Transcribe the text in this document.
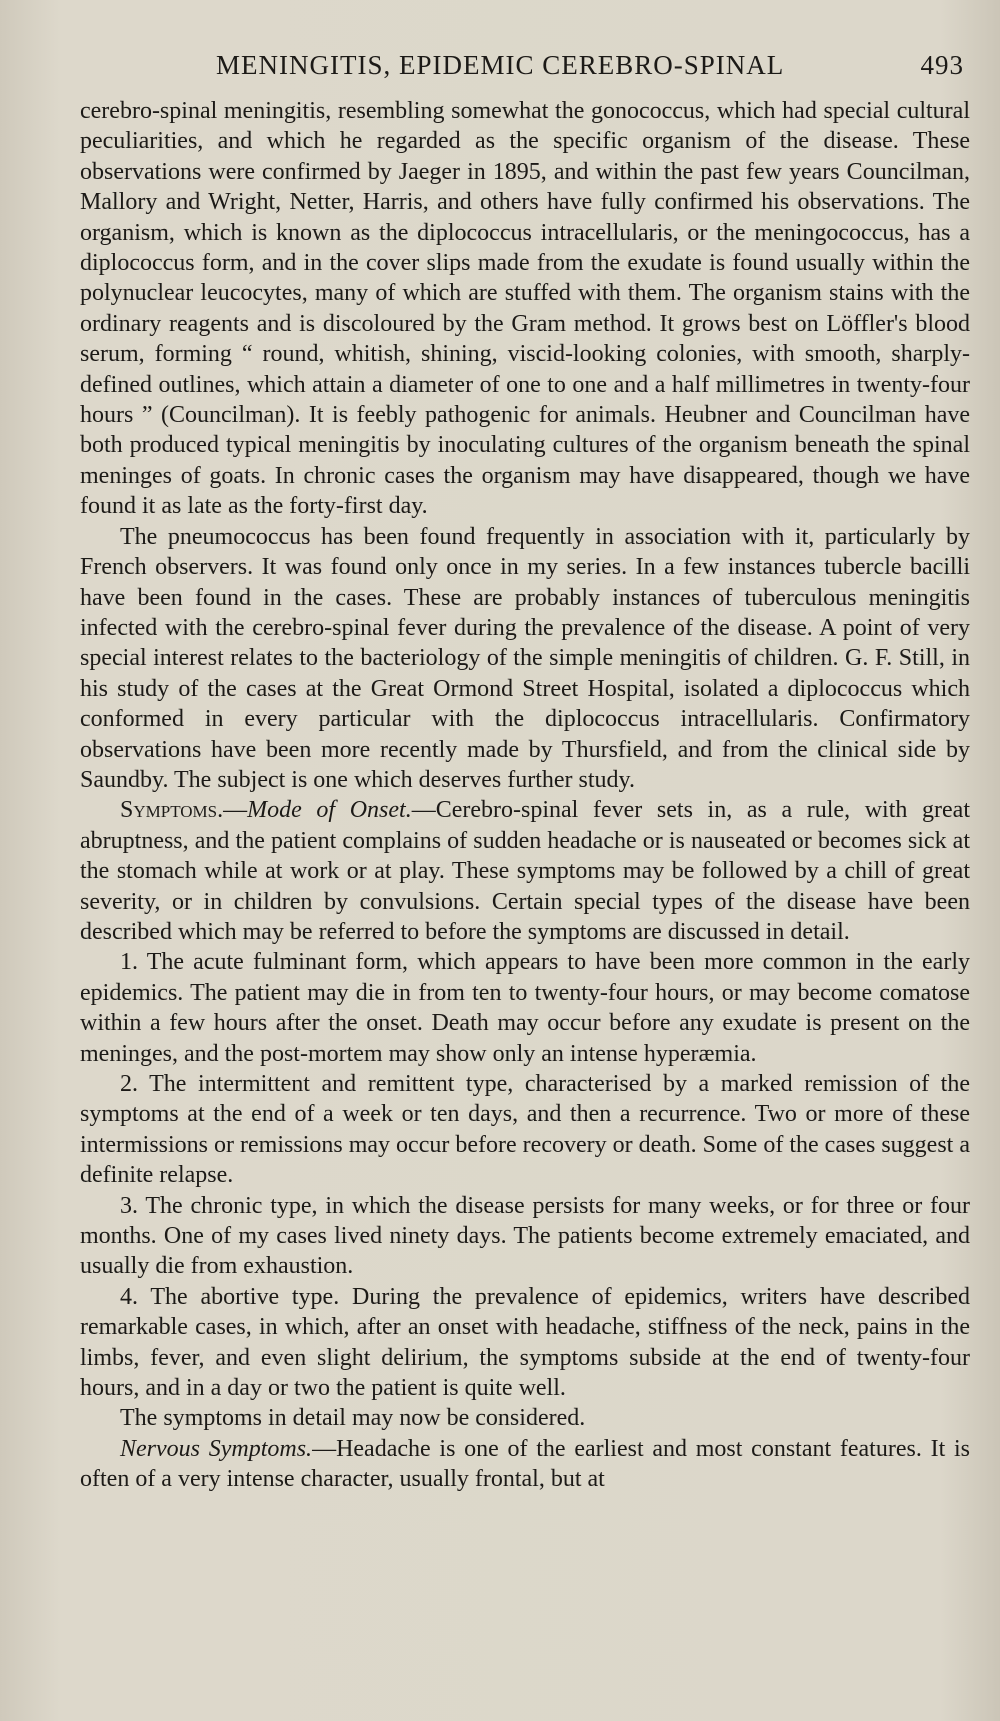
MENINGITIS, EPIDEMIC CEREBRO-SPINAL	493

cerebro-spinal meningitis, resembling somewhat the gonococcus, which had special cultural peculiarities, and which he regarded as the specific organism of the disease. These observations were confirmed by Jaeger in 1895, and within the past few years Councilman, Mallory and Wright, Netter, Harris, and others have fully confirmed his observations. The organism, which is known as the diplococcus intracellularis, or the meningococcus, has a diplococcus form, and in the cover slips made from the exudate is found usually within the polynuclear leucocytes, many of which are stuffed with them. The organism stains with the ordinary reagents and is discoloured by the Gram method. It grows best on Löffler's blood serum, forming “ round, whitish, shining, viscid-looking colonies, with smooth, sharply-defined outlines, which attain a diameter of one to one and a half millimetres in twenty-four hours ” (Councilman). It is feebly pathogenic for animals. Heubner and Councilman have both produced typical meningitis by inoculating cultures of the organism beneath the spinal meninges of goats. In chronic cases the organism may have disappeared, though we have found it as late as the forty-first day.

The pneumococcus has been found frequently in association with it, particularly by French observers. It was found only once in my series. In a few instances tubercle bacilli have been found in the cases. These are probably instances of tuberculous meningitis infected with the cerebro-spinal fever during the prevalence of the disease. A point of very special interest relates to the bacteriology of the simple meningitis of children. G. F. Still, in his study of the cases at the Great Ormond Street Hospital, isolated a diplococcus which conformed in every particular with the diplococcus intracellularis. Confirmatory observations have been more recently made by Thursfield, and from the clinical side by Saundby. The subject is one which deserves further study.

Symptoms.—Mode of Onset.—Cerebro-spinal fever sets in, as a rule, with great abruptness, and the patient complains of sudden headache or is nauseated or becomes sick at the stomach while at work or at play. These symptoms may be followed by a chill of great severity, or in children by convulsions. Certain special types of the disease have been described which may be referred to before the symptoms are discussed in detail.

1. The acute fulminant form, which appears to have been more common in the early epidemics. The patient may die in from ten to twenty-four hours, or may become comatose within a few hours after the onset. Death may occur before any exudate is present on the meninges, and the post-mortem may show only an intense hyperæmia.

2. The intermittent and remittent type, characterised by a marked remission of the symptoms at the end of a week or ten days, and then a recurrence. Two or more of these intermissions or remissions may occur before recovery or death. Some of the cases suggest a definite relapse.

3. The chronic type, in which the disease persists for many weeks, or for three or four months. One of my cases lived ninety days. The patients become extremely emaciated, and usually die from exhaustion.

4. The abortive type. During the prevalence of epidemics, writers have described remarkable cases, in which, after an onset with headache, stiffness of the neck, pains in the limbs, fever, and even slight delirium, the symptoms subside at the end of twenty-four hours, and in a day or two the patient is quite well.

The symptoms in detail may now be considered.

Nervous Symptoms.—Headache is one of the earliest and most constant features. It is often of a very intense character, usually frontal, but at
